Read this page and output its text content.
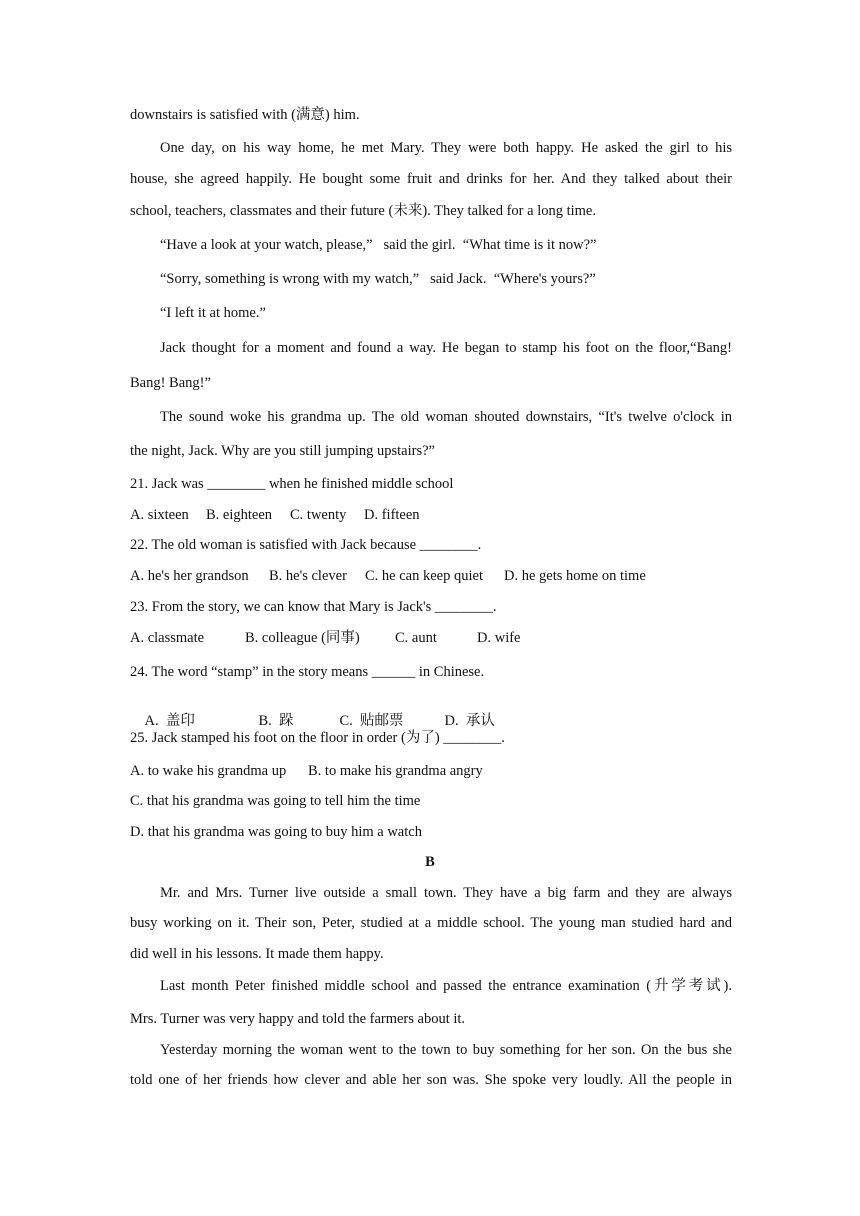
downstairs is satisfied with (满意) him.
One day, on his way home, he met Mary. They were both happy. He asked the girl to his
house, she agreed happily. He bought some fruit and drinks for her. And they talked about their
school, teachers, classmates and their future (未来). They talked for a long time.
“Have a look at your watch, please,”   said the girl.  “What time is it now?”
“Sorry, something is wrong with my watch,”   said Jack.  “Where's yours?”
“I left it at home.”
Jack thought for a moment and found a way. He began to stamp his foot on the floor,“Bang!
Bang! Bang!”
The sound woke his grandma up. The old woman shouted downstairs, “It's twelve o'clock in
the night, Jack. Why are you still jumping upstairs?”
21. Jack was ________ when he finished middle school
A. sixteen B. eighteen C. twenty D. fifteen
22. The old woman is satisfied with Jack because ________.
A. he's her grandson B. he's clever C. he can keep quiet D. he gets home on time
23. From the story, we can know that Mary is Jack's ________.
A. classmate	B. colleague (同事) C. aunt	D. wife
24. The word “stamp” in the story means ______ in Chinese.

A.  盖印	B.  跺	C.  贴邮票	D.  承认

25. Jack stamped his foot on the floor in order (为了) ________.
A. to wake his grandma up B. to make his grandma angry
C. that his grandma was going to tell him the time
D. that his grandma was going to buy him a watch
B
Mr. and Mrs. Turner live outside a small town. They have a big farm and they are always
busy working on it. Their son, Peter, studied at a middle school. The young man studied hard and
did well in his lessons. It made them happy.
Last month Peter finished middle school and passed the entrance examination (升学考试).
Mrs. Turner was very happy and told the farmers about it.
Yesterday morning the woman went to the town to buy something for her son. On the bus she
told one of her friends how clever and able her son was. She spoke very loudly. All the people in
